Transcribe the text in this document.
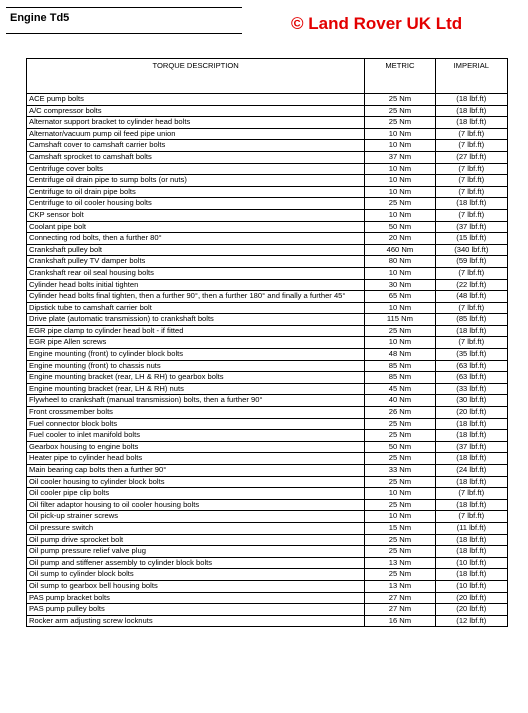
Engine Td5	© Land Rover UK Ltd
TORQUE DESCRIPTION	METRIC	IMPERIAL
ACE pump bolts	25 Nm	(18 lbf.ft)
A/C compressor bolts	25 Nm	(18 lbf.ft)
Alternator support bracket to cylinder head bolts	25 Nm	(18 lbf.ft)
Alternator/vacuum pump oil feed pipe union	10 Nm	(7 lbf.ft)
Camshaft cover to camshaft carrier bolts	10 Nm	(7 lbf.ft)
Camshaft sprocket to camshaft bolts	37 Nm	(27 lbf.ft)
Centrifuge cover bolts	10 Nm	(7 lbf.ft)
Centrifuge oil drain pipe to sump bolts (or nuts)	10 Nm	(7 lbf.ft)
Centrifuge to oil drain pipe bolts	10 Nm	(7 lbf.ft)
Centrifuge to oil cooler housing bolts	25 Nm	(18 lbf.ft)
CKP sensor bolt	10 Nm	(7 lbf.ft)
Coolant pipe bolt	50 Nm	(37 lbf.ft)
Connecting rod bolts, then a further 80°	20 Nm	(15 lbf.ft)
Crankshaft pulley bolt	460 Nm	(340 lbf.ft)
Crankshaft pulley TV damper bolts	80 Nm	(59 lbf.ft)
Crankshaft rear oil seal housing bolts	10 Nm	(7 lbf.ft)
Cylinder head bolts initial tighten	30 Nm	(22 lbf.ft)
Cylinder head bolts final tighten, then a further 90°, then a further 180° and finally a further 45°	65 Nm	(48 lbf.ft)
Dipstick tube to camshaft carrier bolt	10 Nm	(7 lbf.ft)
Drive plate (automatic transmission) to crankshaft bolts	115 Nm	(85 lbf.ft)
EGR pipe clamp to cylinder head bolt - if fitted	25 Nm	(18 lbf.ft)
EGR pipe Allen screws	10 Nm	(7 lbf.ft)
Engine mounting (front) to cylinder block bolts	48 Nm	(35 lbf.ft)
Engine mounting (front) to chassis nuts	85 Nm	(63 lbf.ft)
Engine mounting bracket (rear, LH & RH) to gearbox bolts	85 Nm	(63 lbf.ft)
Engine mounting bracket (rear, LH & RH) nuts	45 Nm	(33 lbf.ft)
Flywheel to crankshaft (manual transmission) bolts, then a further 90°	40 Nm	(30 lbf.ft)
Front crossmember bolts	26 Nm	(20 lbf.ft)
Fuel connector block bolts	25 Nm	(18 lbf.ft)
Fuel cooler to inlet manifold bolts	25 Nm	(18 lbf.ft)
Gearbox housing to engine bolts	50 Nm	(37 lbf.ft)
Heater pipe to cylinder head bolts	25 Nm	(18 lbf.ft)
Main bearing cap bolts then a further 90°	33 Nm	(24 lbf.ft)
Oil cooler housing to cylinder block bolts	25 Nm	(18 lbf.ft)
Oil cooler pipe clip bolts	10 Nm	(7 lbf.ft)
Oil filter adaptor housing to oil cooler housing bolts	25 Nm	(18 lbf.ft)
Oil pick-up strainer screws	10 Nm	(7 lbf.ft)
Oil pressure switch	15 Nm	(11 lbf.ft)
Oil pump drive sprocket bolt	25 Nm	(18 lbf.ft)
Oil pump pressure relief valve plug	25 Nm	(18 lbf.ft)
Oil pump and stiffener assembly to cylinder block bolts	13 Nm	(10 lbf.ft)
Oil sump to cylinder block bolts	25 Nm	(18 lbf.ft)
Oil sump to gearbox bell housing bolts	13 Nm	(10 lbf.ft)
PAS pump bracket bolts	27 Nm	(20 lbf.ft)
PAS pump pulley bolts	27 Nm	(20 lbf.ft)
Rocker arm adjusting screw locknuts	16 Nm	(12 lbf.ft)
